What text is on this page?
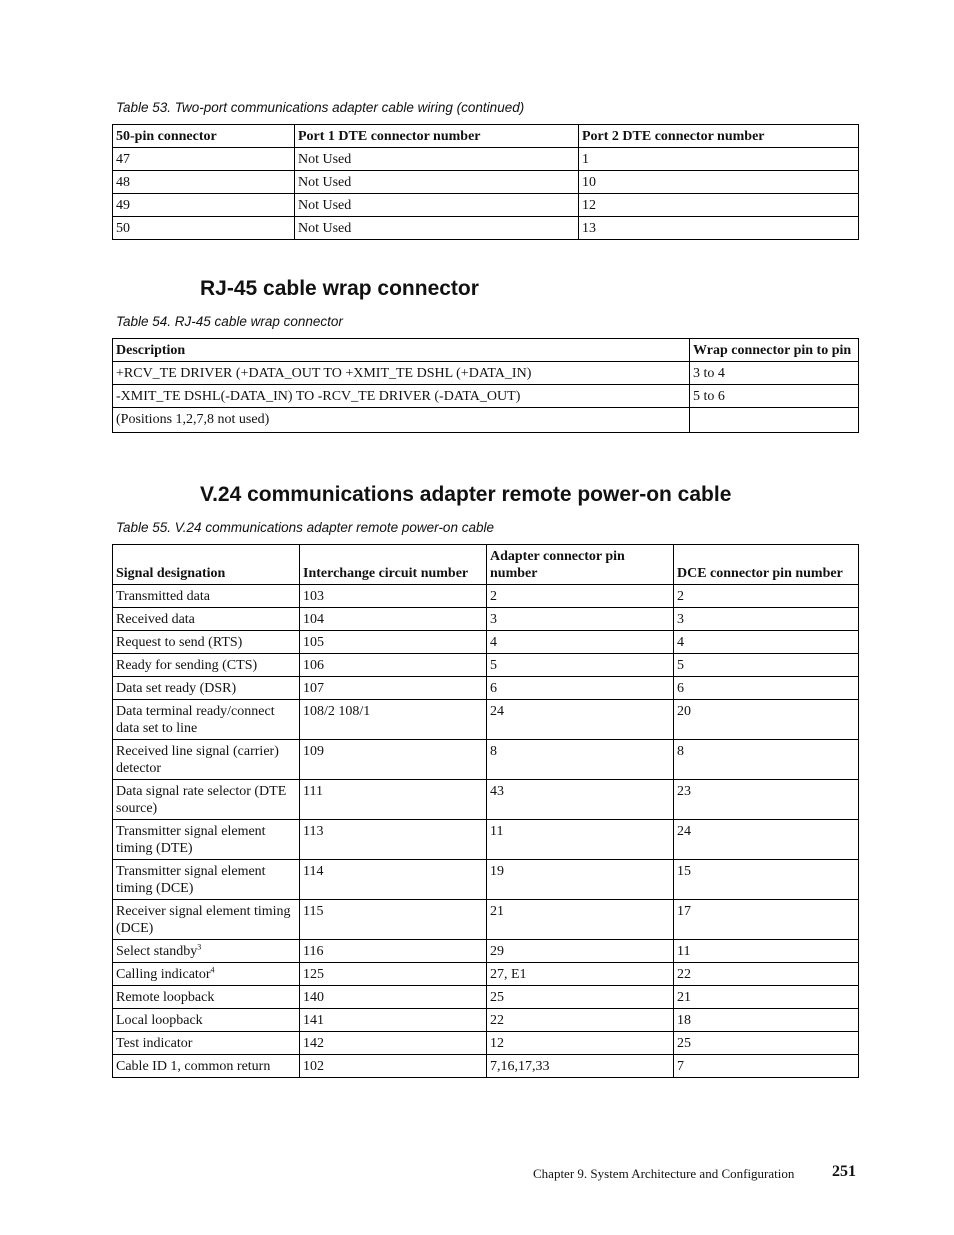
Table 53. Two-port communications adapter cable wiring (continued)
50-pin connector	Port 1 DTE connector number	Port 2 DTE connector number
47	Not Used	1
48	Not Used	10
49	Not Used	12
50	Not Used	13
RJ-45 cable wrap connector
Table 54. RJ-45 cable wrap connector
Description	Wrap connector pin to pin
+RCV_TE DRIVER (+DATA_OUT TO +XMIT_TE DSHL (+DATA_IN)	3 to 4
-XMIT_TE DSHL(-DATA_IN) TO -RCV_TE DRIVER (-DATA_OUT)	5 to 6
(Positions 1,2,7,8 not used)	
V.24 communications adapter remote power-on cable
Table 55. V.24 communications adapter remote power-on cable
Signal designation	Interchange circuit number	Adapter connector pin number	DCE connector pin number
Transmitted data	103	2	2
Received data	104	3	3
Request to send (RTS)	105	4	4
Ready for sending (CTS)	106	5	5
Data set ready (DSR)	107	6	6
Data terminal ready/connect data set to line	108/2 108/1	24	20
Received line signal (carrier) detector	109	8	8
Data signal rate selector (DTE source)	111	43	23
Transmitter signal element timing (DTE)	113	11	24
Transmitter signal element timing (DCE)	114	19	15
Receiver signal element timing (DCE)	115	21	17
Select standby$^3$	116	29	11
Calling indicator$^4$	125	27, E1	22
Remote loopback	140	25	21
Local loopback	141	22	18
Test indicator	142	12	25
Cable ID 1, common return	102	7,16,17,33	7
Chapter 9. System Architecture and Configuration 251
